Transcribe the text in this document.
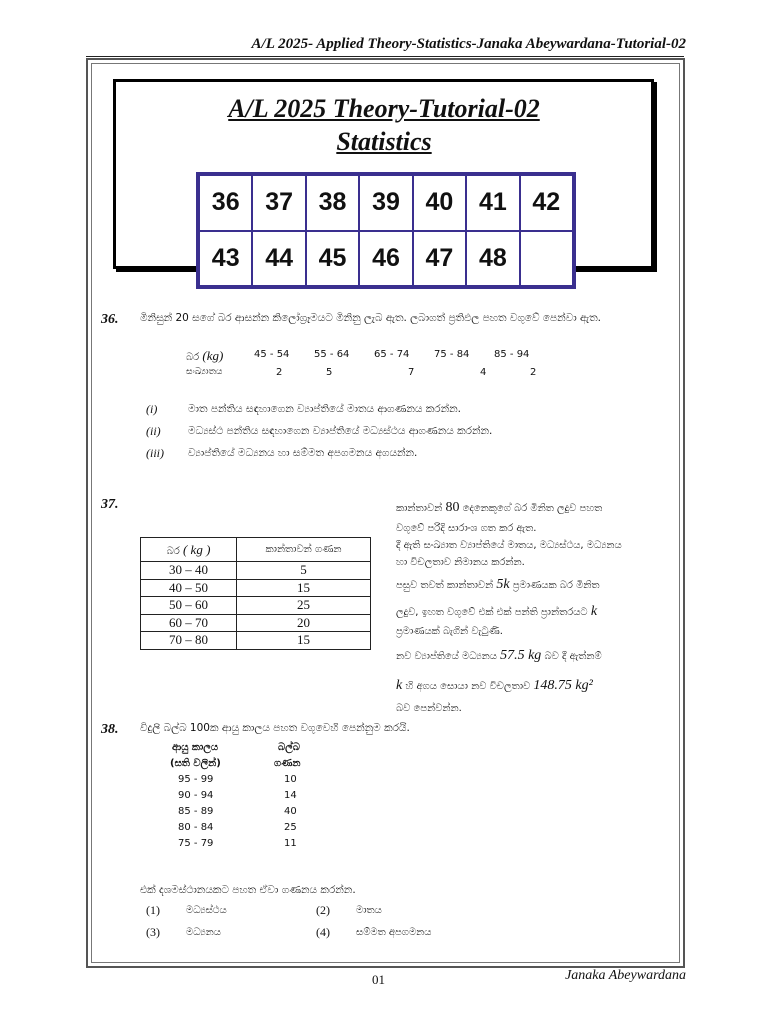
A/L 2025- Applied Theory-Statistics-Janaka Abeywardana-Tutorial-02
A/L 2025 Theory-Tutorial-02
Statistics
36	37	38	39	40	41	42
43	44	45	46	47	48
36. මිනිසුන් 20 සගේ බර ආසන්න කිලෝග්‍රෑමයට මිනිනු ලැබ ඇත. ලබාගත් ප්‍රතිඵල පහත වගුවේ පෙන්වා ඇත.
බර (kg)	45 - 54	55 - 64	65 - 74	75 - 84	85 - 94
සංඛ්‍යාතය	2	5	7	4	2
(i)	මාත පන්තිය සඳහාගෙන ව්‍යාප්තියේ මාතය ආගණනය කරන්න.
(ii)	මධ්‍යස්ථ පන්තිය සඳහාගෙන ව්‍යාප්තියේ මධ්‍යස්ථය ආගණනය කරන්න.
(iii) ව්‍යාප්තියේ මධ්‍යනය හා සම්මත අපගමනය අගයන්න.
37.
බර ( kg )	කාන්තාවන් ගණන
30 – 40	5
40 – 50	15
50 – 60	25
60 – 70	20
70 – 80	15
කාන්තාවන් 80 දෙනෙකුගේ බර මිනිත ලදුව පහත
වගුවේ පරිදි සාරාංශ ගත කර ඇත.
දී ඇති සංඛ්‍යාත ව්‍යාප්තියේ මාතය, මධ්‍යස්ථය, මධ්‍යනය
හා විචලතාව නිමානය කරන්න.
පසුව තවත් කාන්තාවන් 5k ප්‍රමාණයක බර මිනිත
ලදුව, ඉහත වගුවේ එක් එක් පන්ති ප්‍රාන්තරයට k
ප්‍රමාණයක් බැගින් වැටුණි.
නව ව්‍යාප්තියේ මධ්‍යනය 57.5 kg බව දී ඇත්නම්
k හි අගය සොයා නව විචලතාව 148.75 kg²
බව පෙන්වන්න.
38. විදුලි බල්බ 100ක ආයු කාලය පහත වගුවෙහි පෙන්නුම කරයි.
ආයු කාලය
(සති වලින්)
බල්බ
ගණන
95 - 99	10
90 - 94	14
85 - 89	40
80 - 84	25
75 - 79	11
එක් දශමස්ථානයකට පහත ඒවා ගණනය කරන්න.
(1)	මධ්‍යස්ථය	(2)	මාතය
(3)	මධ්‍යනය	(4)	සම්මත අපගමනය
01	Janaka Abeywardana
